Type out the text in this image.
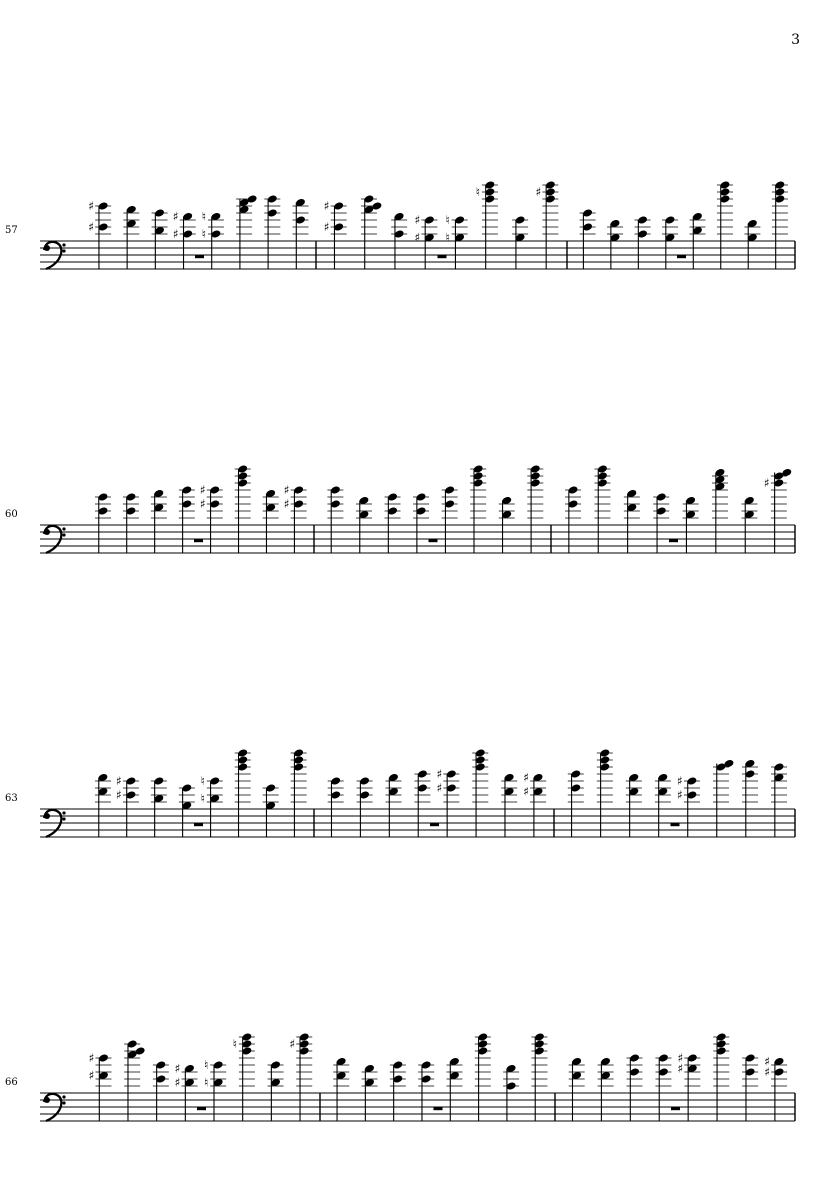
3
57	♯
♯
♯
♯
♮
♮
♯
♯
♯
♯
♮
♮
♮	♯
60
♯
♯
♯
♯	♯
63	♯
♯
♮
♮	♯
♯
♯
♯
♯
♯
66	♯
♯
♯
♯
♮
♮
♮	♯
♯
♯
♯
♯
